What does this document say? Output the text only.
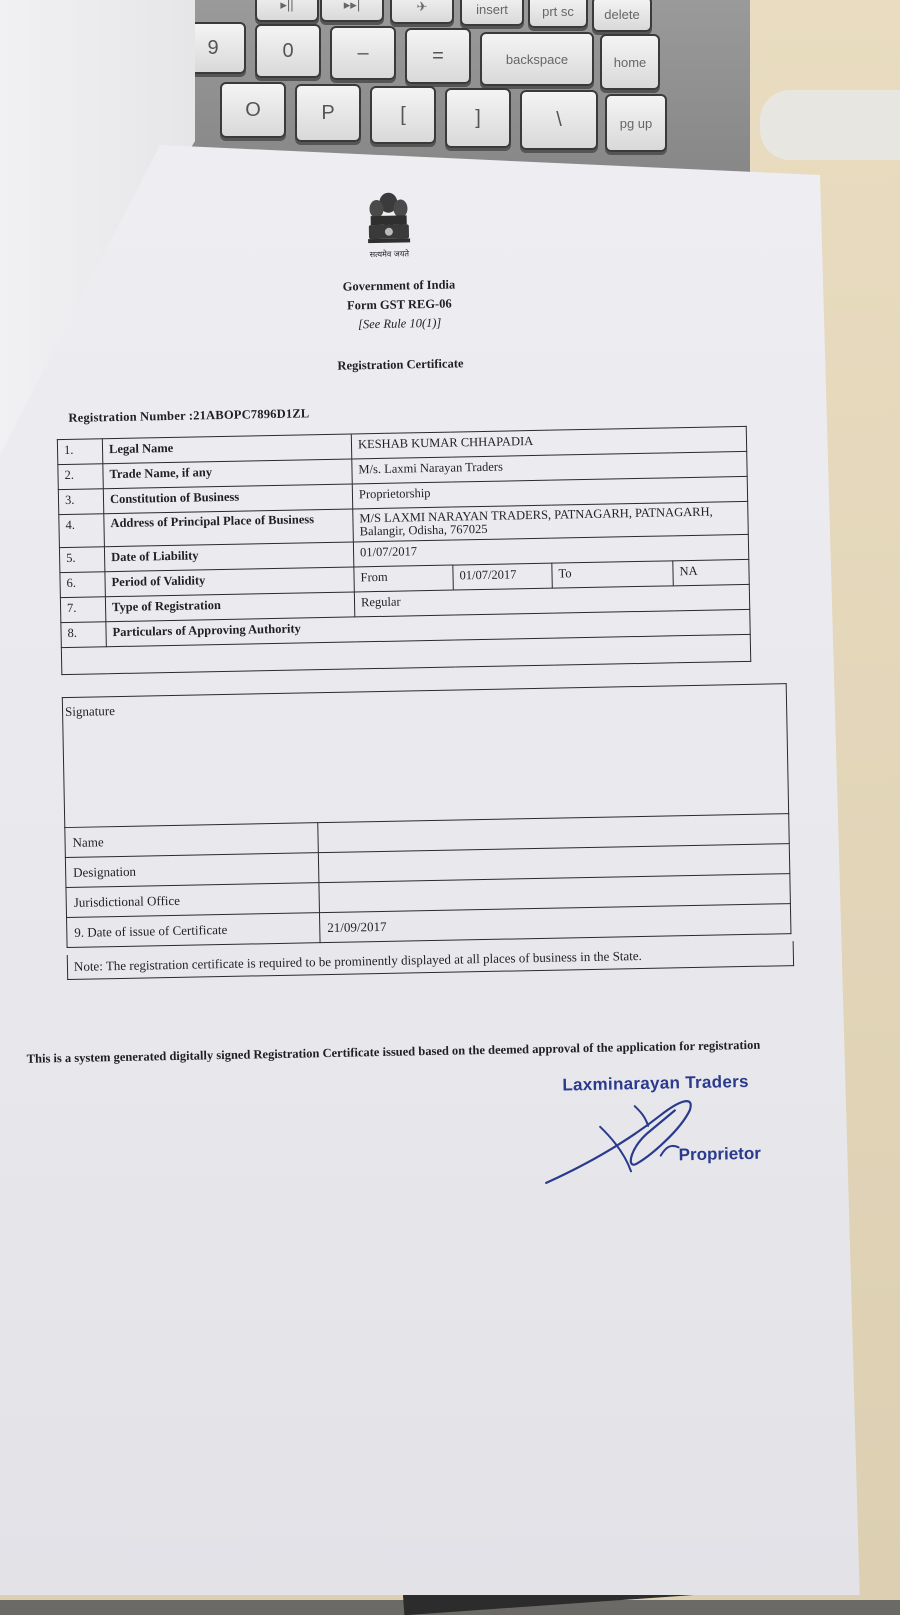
▸||	▸▸|	✈	insert	prt sc	delete
9	0	–	=	backspace	home
O	P	[	]	\	pg up
सत्यमेव जयते
Government of India
Form GST REG-06
[See Rule 10(1)]
Registration Certificate
Registration Number :21ABOPC7896D1ZL
1.	Legal Name	KESHAB KUMAR CHHAPADIA			
2.	Trade Name, if any	M/s. Laxmi Narayan Traders			
3.	Constitution of Business	Proprietorship			
4.	Address of Principal Place of Business	M/S LAXMI NARAYAN TRADERS, PATNAGARH, PATNAGARH, Balangir, Odisha, 767025			
5.	Date of Liability	01/07/2017			
6.	Period of Validity	From	01/07/2017	To	NA
7.	Type of Registration	Regular			
8.	Particulars of Approving Authority				

Signature
Name	
Designation	
Jurisdictional Office	
9. Date of issue of Certificate	21/09/2017
Note: The registration certificate is required to be prominently displayed at all places of business in the State.
This is a system generated digitally signed Registration Certificate issued based on the deemed approval of the application for registration
Laxminarayan Traders
Proprietor
